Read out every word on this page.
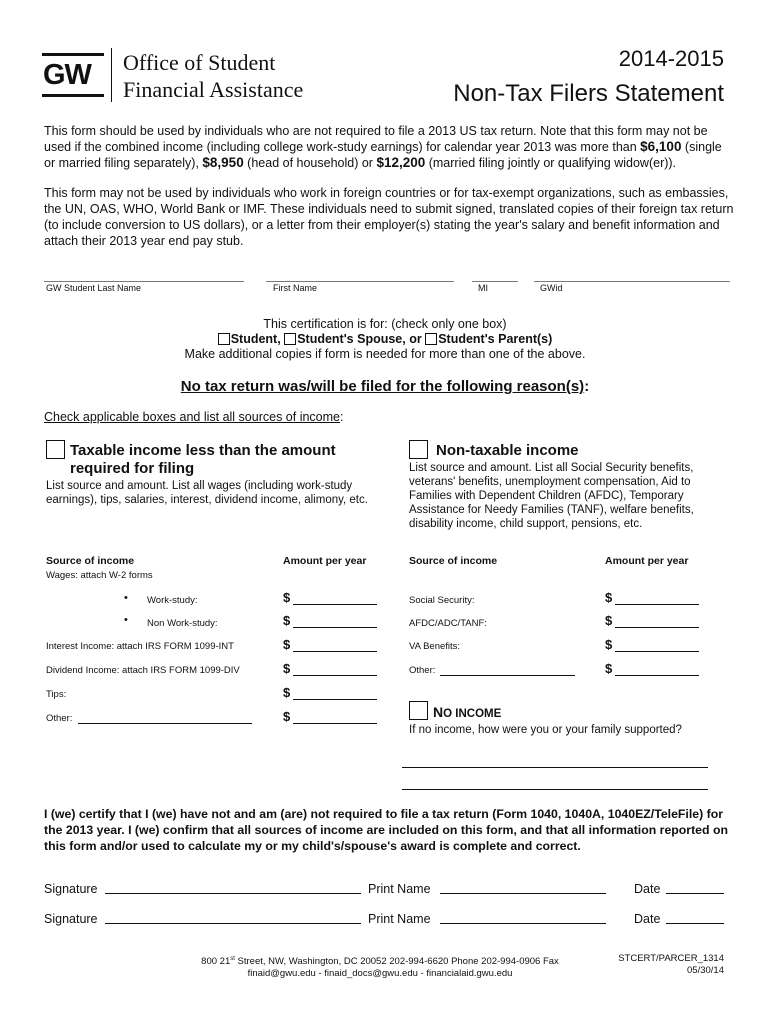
GW Office of Student
Financial Assistance
2014-2015
Non-Tax Filers Statement
This form should be used by individuals who are not required to file a 2013 US tax return. Note that this form may not be used if the combined income (including college work-study earnings) for calendar year 2013 was more than $6,100 (single or married filing separately), $8,950 (head of household) or $12,200 (married filing jointly or qualifying widow(er)).
This form may not be used by individuals who work in foreign countries or for tax-exempt organizations, such as embassies, the UN, OAS, WHO, World Bank or IMF. These individuals need to submit signed, translated copies of their foreign tax return (to include conversion to US dollars), or a letter from their employer(s) stating the year's salary and benefit information and attach their 2013 year end pay stub.
GW Student Last Name	First Name	MI	GWid
This certification is for: (check only one box)
Student, Student's Spouse, or Student's Parent(s)
Make additional copies if form is needed for more than one of the above.
No tax return was/will be filed for the following reason(s):
Check applicable boxes and list all sources of income:
Taxable income less than the amount
required for filing
List source and amount. List all wages (including work-study earnings), tips, salaries, interest, dividend income, alimony, etc.
Source of income	Amount per year
Wages: attach W-2 forms
• Work-study:	$
• Non Work-study:	$
Interest Income: attach IRS FORM 1099-INT	$
Dividend Income: attach IRS FORM 1099-DIV	$
Tips:	$
Other:	$
Non-taxable income
List source and amount. List all Social Security benefits, veterans' benefits, unemployment compensation, Aid to Families with Dependent Children (AFDC), Temporary Assistance for Needy Families (TANF), welfare benefits, disability income, child support, pensions, etc.
Source of income	Amount per year
Social Security:	$
AFDC/ADC/TANF:	$
VA Benefits:	$
Other:	$
NO INCOME
If no income, how were you or your family supported?
I (we) certify that I (we) have not and am (are) not required to file a tax return (Form 1040, 1040A, 1040EZ/TeleFile) for the 2013 year. I (we) confirm that all sources of income are included on this form, and that all information reported on this form and/or used to calculate my or my child's/spouse's award is complete and correct.
Signature	Print Name	Date
Signature	Print Name	Date
800 21st Street, NW, Washington, DC 20052 202-994-6620 Phone 202-994-0906 Fax
finaid@gwu.edu - finaid_docs@gwu.edu - financialaid.gwu.edu
STCERT/PARCER_1314
05/30/14
